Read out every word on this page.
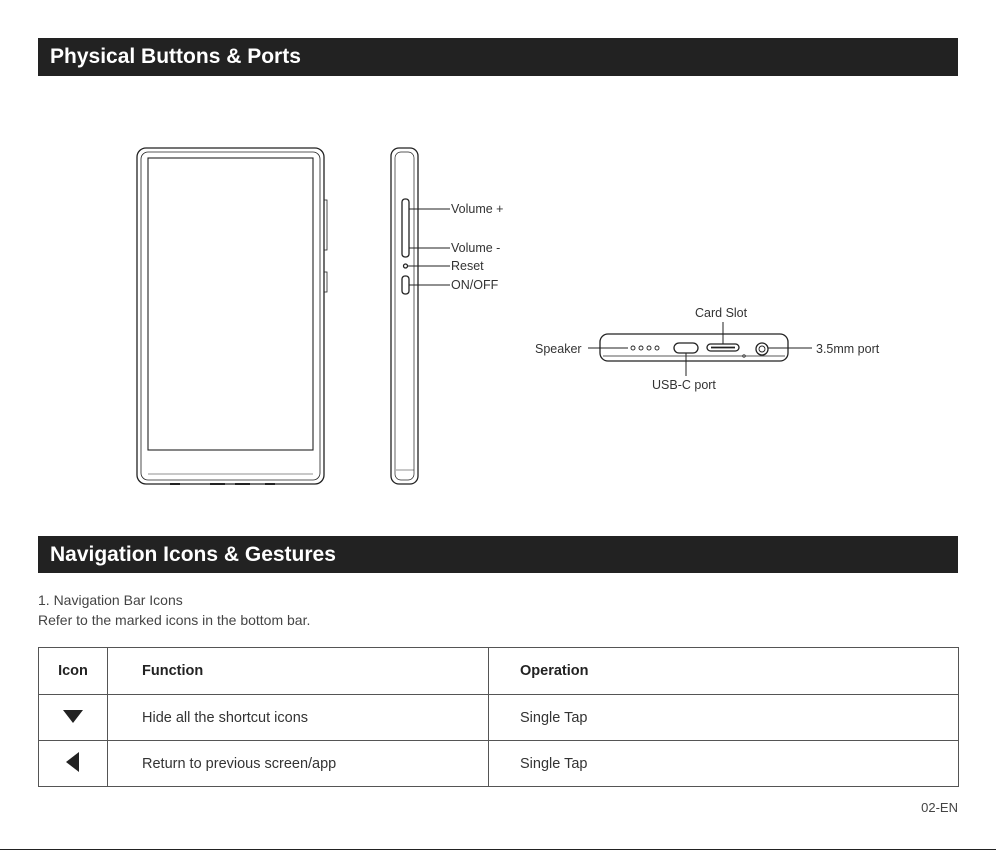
Physical Buttons & Ports
Volume +
Volume -
Reset
ON/OFF
Card Slot
Speaker	3.5mm port
USB-C port
Navigation Icons & Gestures
1. Navigation Bar Icons
Refer to the marked icons in the bottom bar.
Icon	Function	Operation
	Hide all the shortcut icons	Single Tap
	Return to previous screen/app	Single Tap
02-EN
